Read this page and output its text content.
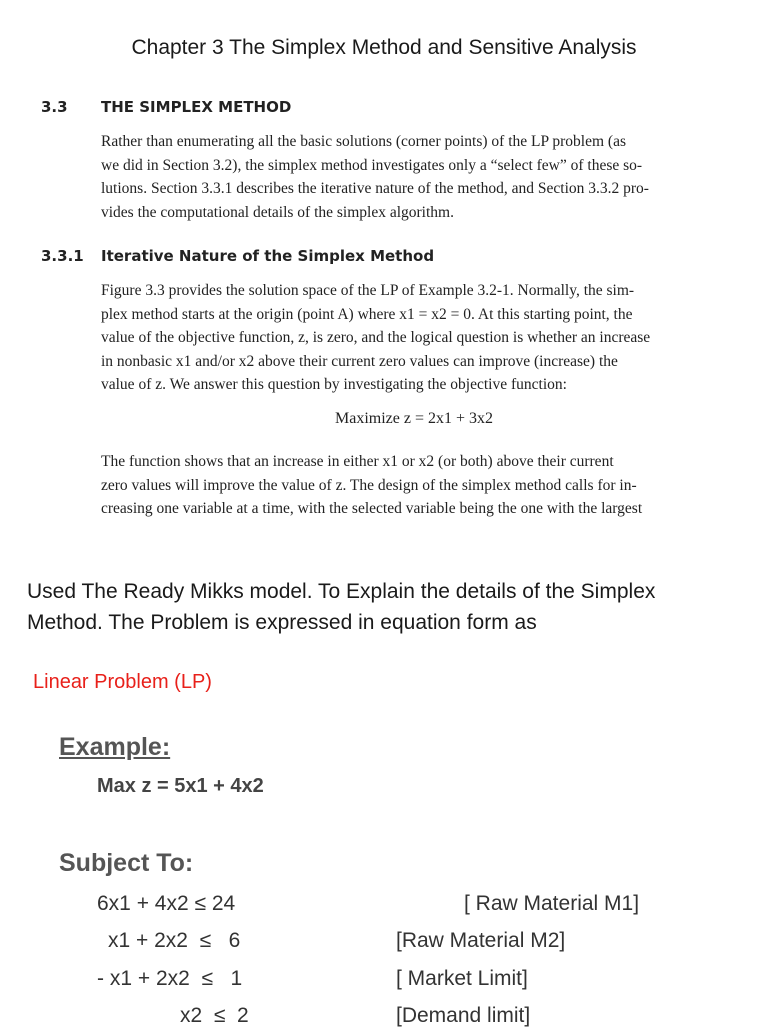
Chapter 3 The Simplex Method and Sensitive Analysis
3.3 THE SIMPLEX METHOD

Rather than enumerating all the basic solutions (corner points) of the LP problem (as

we did in Section 3.2), the simplex method investigates only a “select few” of these so-

lutions. Section 3.3.1 describes the iterative nature of the method, and Section 3.3.2 pro-

vides the computational details of the simplex algorithm.

3.3.1 Iterative Nature of the Simplex Method

Figure 3.3 provides the solution space of the LP of Example 3.2-1. Normally, the sim-

plex method starts at the origin (point A) where x1 = x2 = 0. At this starting point, the

value of the objective function, z, is zero, and the logical question is whether an increase

in nonbasic x1 and/or x2 above their current zero values can improve (increase) the

value of z. We answer this question by investigating the objective function:

Maximize z = 2x1 + 3x2

The function shows that an increase in either x1 or x2 (or both) above their current

zero values will improve the value of z. The design of the simplex method calls for in-

creasing one variable at a time, with the selected variable being the one with the largest

Used The Ready Mikks model. To Explain the details of the Simplex
Method. The Problem is expressed in equation form as
Linear Problem (LP)
Example:
Max z = 5x1 + 4x2
Subject To:
6x1 + 4x2 ≤ 24	[ Raw Material M1]
x1 + 2x2  ≤   6	[Raw Material M2]
- x1 + 2x2  ≤   1	[ Market Limit]
x2  ≤  2	[Demand limit]
